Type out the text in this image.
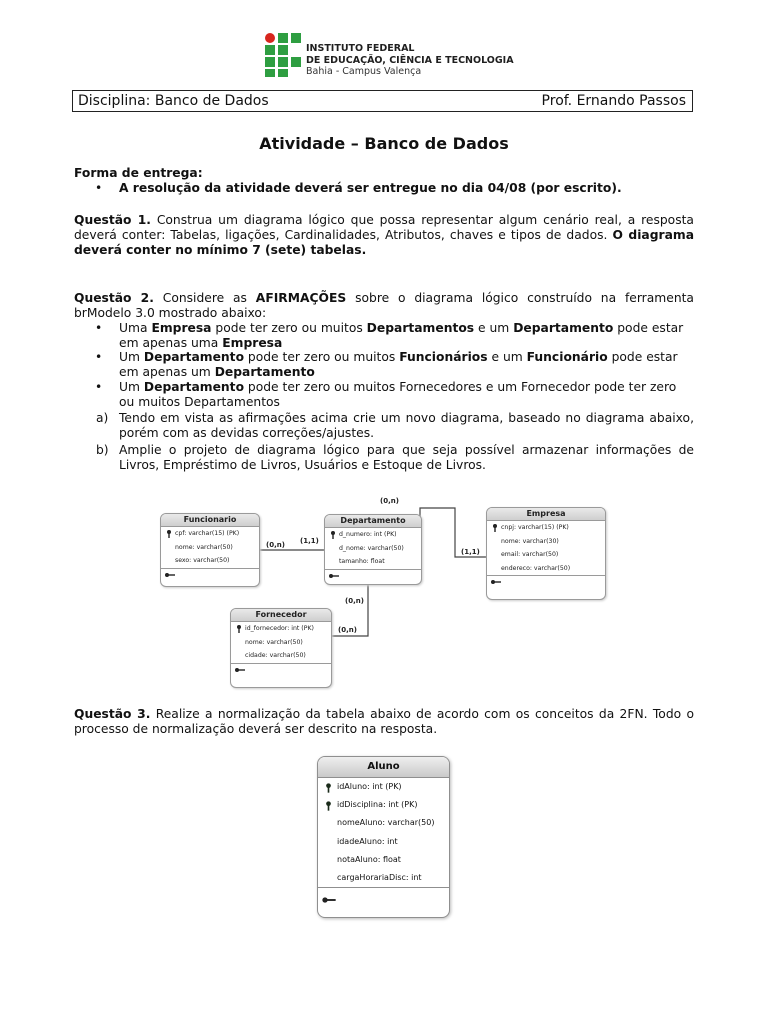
INSTITUTO FEDERAL
DE EDUCAÇÃO, CIÊNCIA E TECNOLOGIA
Bahia - Campus Valença
Disciplina: Banco de Dados	Prof. Ernando Passos
Atividade – Banco de Dados
Forma de entrega:
• A resolução da atividade deverá ser entregue no dia 04/08 (por escrito).
Questão 1. Construa um diagrama lógico que possa representar algum cenário real, a resposta deverá conter: Tabelas, ligações, Cardinalidades, Atributos, chaves e tipos de dados. O diagrama deverá conter no mínimo 7 (sete) tabelas.
Questão 2. Considere as AFIRMAÇÕES sobre o diagrama lógico construído na ferramenta brModelo 3.0 mostrado abaixo:
• Uma Empresa pode ter zero ou muitos Departamentos e um Departamento pode estar em apenas uma Empresa
• Um Departamento pode ter zero ou muitos Funcionários e um Funcionário pode estar em apenas um Departamento
• Um Departamento pode ter zero ou muitos Fornecedores e um Fornecedor pode ter zero ou muitos Departamentos
a) Tendo em vista as afirmações acima crie um novo diagrama, baseado no diagrama abaixo, porém com as devidas correções/ajustes.
b) Amplie o projeto de diagrama lógico para que seja possível armazenar informações de Livros, Empréstimo de Livros, Usuários e Estoque de Livros.
(0,n)
(1,1)
(0,n) (1,1)
(0,n)
(0,n)
Funcionario
cpf: varchar(15) (PK)
nome: varchar(50)
sexo: varchar(50)
Departamento
d_numero: int (PK)
d_nome: varchar(50)
tamanho: float
Empresa
cnpj: varchar(15) (PK)
nome: varchar(30)
email: varchar(50)
endereco: varchar(50)
Fornecedor
id_fornecedor: int (PK)
nome: varchar(50)
cidade: varchar(50)
Questão 3. Realize a normalização da tabela abaixo de acordo com os conceitos da 2FN. Todo o processo de normalização deverá ser descrito na resposta.
Aluno
idAluno: int (PK)
idDisciplina: int (PK)
nomeAluno: varchar(50)
idadeAluno: int
notaAluno: float
cargaHorariaDisc: int
